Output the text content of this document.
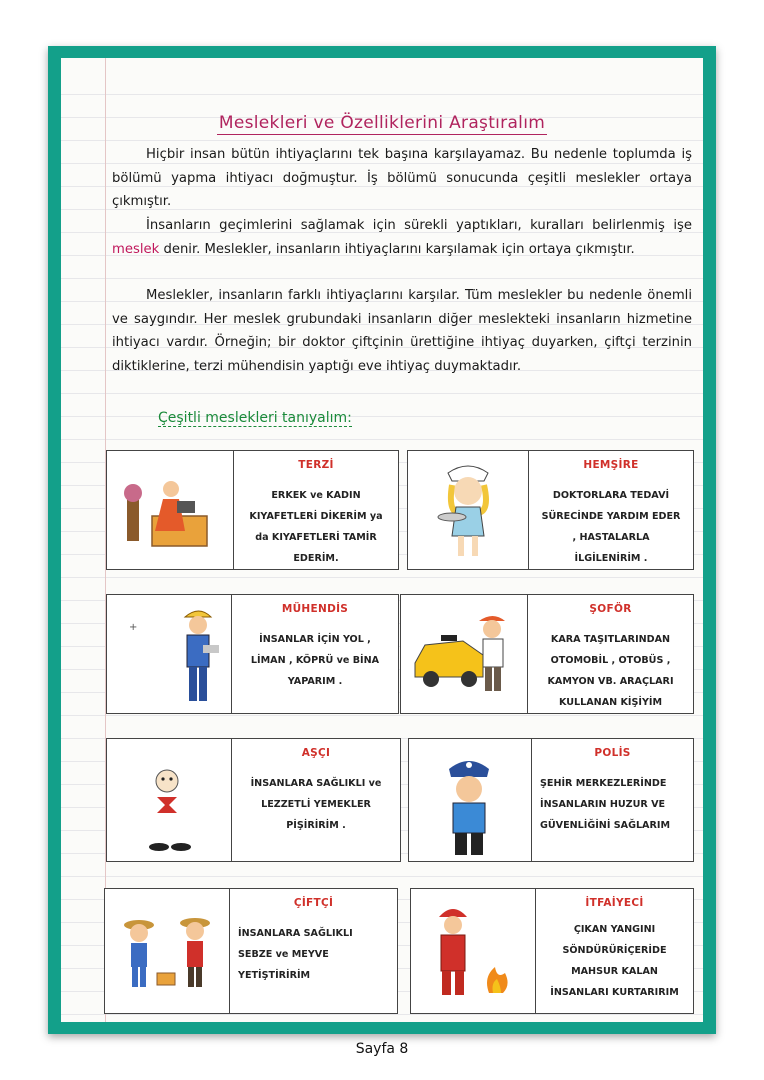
Meslekleri ve Özelliklerini Araştıralım
Hiçbir insan bütün ihtiyaçlarını tek başına karşılayamaz. Bu nedenle toplumda iş bölümü yapma ihtiyacı doğmuştur. İş bölümü sonucunda çeşitli meslekler ortaya çıkmıştır.
İnsanların geçimlerini sağlamak için sürekli yaptıkları, kuralları belirlenmiş işe meslek denir. Meslekler, insanların ihtiyaçlarını karşılamak için ortaya çıkmıştır.
Meslekler, insanların farklı ihtiyaçlarını karşılar. Tüm meslekler bu nedenle önemli ve saygındır. Her meslek grubundaki insanların diğer meslekteki insanların hizmetine ihtiyacı vardır. Örneğin; bir doktor çiftçinin ürettiğine ihtiyaç duyarken, çiftçi terzinin diktiklerine, terzi mühendisin yaptığı eve ihtiyaç duymaktadır.
Çeşitli meslekleri tanıyalım:
TERZİ
ERKEK ve KADIN
KIYAFETLERİ DİKERİM ya
da KIYAFETLERİ TAMİR
EDERİM.
HEMŞİRE
DOKTORLARA TEDAVİ
SÜRECİNDE YARDIM EDER
, HASTALARLA
İLGİLENİRİM .
+
MÜHENDİS
İNSANLAR İÇİN YOL ,
LİMAN , KÖPRÜ ve BİNA
YAPARIM .
ŞOFÖR
KARA TAŞITLARINDAN
OTOMOBİL , OTOBÜS ,
KAMYON VB. ARAÇLARI
KULLANAN KİŞİYİM
AŞÇI
İNSANLARA SAĞLIKLI ve
LEZZETLİ YEMEKLER
PİŞİRİRİM .
POLİS
ŞEHİR MERKEZLERİNDE
İNSANLARIN HUZUR VE
GÜVENLİĞİNİ SAĞLARIM
ÇİFTÇİ
İNSANLARA SAĞLIKLI
SEBZE ve MEYVE
YETİŞTİRİRİM
İTFAİYECİ
ÇIKAN YANGINI
SÖNDÜRÜRİÇERİDE
MAHSUR KALAN
İNSANLARI KURTARIRIM
Sayfa 8
